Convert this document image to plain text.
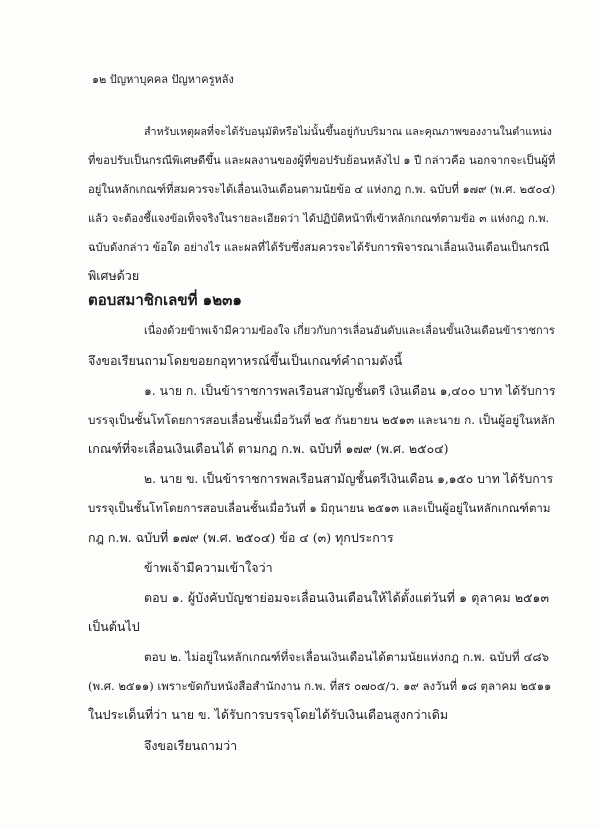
๑๒ ปัญหาบุคคล ปัญหาครูหลัง
สำหรับเหตุผลที่จะได้รับอนุมัติหรือไม่นั้นขึ้นอยู่กับปริมาณ และคุณภาพของงานในตำแหน่ง
ที่ขอปรับเป็นกรณีพิเศษดีขึ้น และผลงานของผู้ที่ขอปรับย้อนหลังไป ๑ ปี กล่าวคือ นอกจากจะเป็นผู้ที่
อยู่ในหลักเกณฑ์ที่สมควรจะได้เลื่อนเงินเดือนตามนัยข้อ ๔ แห่งกฎ ก.พ. ฉบับที่ ๑๗๙ (พ.ศ. ๒๕๐๔)
แล้ว จะต้องชี้แจงข้อเท็จจริงในรายละเอียดว่า ได้ปฏิบัติหน้าที่เข้าหลักเกณฑ์ตามข้อ ๓ แห่งกฎ ก.พ.
ฉบับดังกล่าว ข้อใด อย่างไร และผลที่ได้รับซึ่งสมควรจะได้รับการพิจารณาเลื่อนเงินเดือนเป็นกรณี
พิเศษด้วย
ตอบสมาชิกเลขที่ ๑๒๓๑
เนื่องด้วยข้าพเจ้ามีความข้องใจ เกี่ยวกับการเลื่อนอันดับและเลื่อนขั้นเงินเดือนข้าราชการ
จึงขอเรียนถามโดยขอยกอุทาหรณ์ขึ้นเป็นเกณฑ์คำถามดังนี้
๑. นาย ก. เป็นข้าราชการพลเรือนสามัญชั้นตรี เงินเดือน ๑,๔๐๐ บาท ได้รับการ
บรรจุเป็นชั้นโทโดยการสอบเลื่อนชั้นเมื่อวันที่ ๒๕ กันยายน ๒๕๑๓ และนาย ก. เป็นผู้อยู่ในหลัก
เกณฑ์ที่จะเลื่อนเงินเดือนได้ ตามกฎ ก.พ. ฉบับที่ ๑๗๙ (พ.ศ. ๒๕๐๔)
๒. นาย ข. เป็นข้าราชการพลเรือนสามัญชั้นตรีเงินเดือน ๑,๑๕๐ บาท ได้รับการ
บรรจุเป็นชั้นโทโดยการสอบเลื่อนชั้นเมื่อวันที่ ๑ มิถุนายน ๒๕๑๓ และเป็นผู้อยู่ในหลักเกณฑ์ตาม
กฎ ก.พ. ฉบับที่ ๑๗๙ (พ.ศ. ๒๕๐๔) ข้อ ๔ (๓) ทุกประการ
ข้าพเจ้ามีความเข้าใจว่า
ตอบ ๑. ผู้บังคับบัญชาย่อมจะเลื่อนเงินเดือนให้ได้ตั้งแต่วันที่ ๑ ตุลาคม ๒๕๑๓
เป็นต้นไป
ตอบ ๒. ไม่อยู่ในหลักเกณฑ์ที่จะเลื่อนเงินเดือนได้ตามนัยแห่งกฎ ก.พ. ฉบับที่ ๔๘๖
(พ.ศ. ๒๕๑๑) เพราะขัดกับหนังสือสำนักงาน ก.พ. ที่สร ๐๗๐๕/ว. ๑๙ ลงวันที่ ๑๘ ตุลาคม ๒๕๑๑
ในประเด็นที่ว่า นาย ข. ได้รับการบรรจุโดยได้รับเงินเดือนสูงกว่าเดิม
จึงขอเรียนถามว่า
